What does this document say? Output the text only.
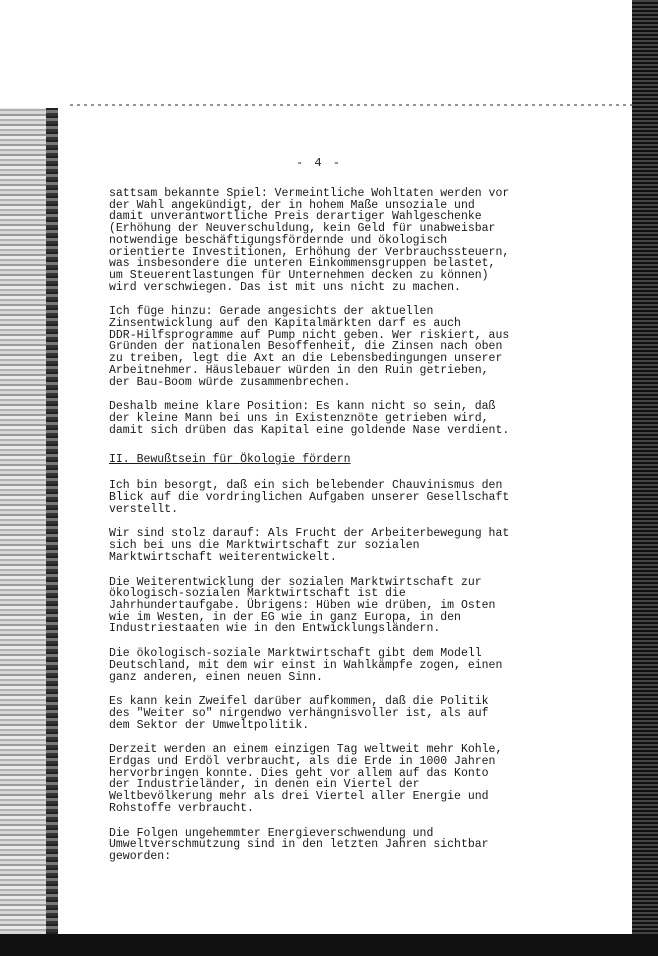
- 4 -

sattsam bekannte Spiel: Vermeintliche Wohltaten werden vor
der Wahl angekündigt, der in hohem Maße unsoziale und
damit unverantwortliche Preis derartiger Wahlgeschenke
(Erhöhung der Neuverschuldung, kein Geld für unabweisbar
notwendige beschäftigungsfördernde und ökologisch
orientierte Investitionen, Erhöhung der Verbrauchssteuern,
was insbesondere die unteren Einkommensgruppen belastet,
um Steuerentlastungen für Unternehmen decken zu können)
wird verschwiegen. Das ist mit uns nicht zu machen.

Ich füge hinzu: Gerade angesichts der aktuellen
Zinsentwicklung auf den Kapitalmärkten darf es auch
DDR-Hilfsprogramme auf Pump nicht geben. Wer riskiert, aus
Gründen der nationalen Besoffenheit, die Zinsen nach oben
zu treiben, legt die Axt an die Lebensbedingungen unserer
Arbeitnehmer. Häuslebauer würden in den Ruin getrieben,
der Bau-Boom würde zusammenbrechen.

Deshalb meine klare Position: Es kann nicht so sein, daß
der kleine Mann bei uns in Existenznöte getrieben wird,
damit sich drüben das Kapital eine goldende Nase verdient.

II. Bewußtsein für Ökologie fördern

Ich bin besorgt, daß ein sich belebender Chauvinismus den
Blick auf die vordringlichen Aufgaben unserer Gesellschaft
verstellt.

Wir sind stolz darauf: Als Frucht der Arbeiterbewegung hat
sich bei uns die Marktwirtschaft zur sozialen
Marktwirtschaft weiterentwickelt.

Die Weiterentwicklung der sozialen Marktwirtschaft zur
ökologisch-sozialen Marktwirtschaft ist die
Jahrhundertaufgabe. Übrigens: Hüben wie drüben, im Osten
wie im Westen, in der EG wie in ganz Europa, in den
Industriestaaten wie in den Entwicklungsländern.

Die ökologisch-soziale Marktwirtschaft gibt dem Modell
Deutschland, mit dem wir einst in Wahlkämpfe zogen, einen
ganz anderen, einen neuen Sinn.

Es kann kein Zweifel darüber aufkommen, daß die Politik
des "Weiter so" nirgendwo verhängnisvoller ist, als auf
dem Sektor der Umweltpolitik.

Derzeit werden an einem einzigen Tag weltweit mehr Kohle,
Erdgas und Erdöl verbraucht, als die Erde in 1000 Jahren
hervorbringen konnte. Dies geht vor allem auf das Konto
der Industrieländer, in denen ein Viertel der
Weltbevölkerung mehr als drei Viertel aller Energie und
Rohstoffe verbraucht.

Die Folgen ungehemmter Energieverschwendung und
Umweltverschmutzung sind in den letzten Jahren sichtbar
geworden:
